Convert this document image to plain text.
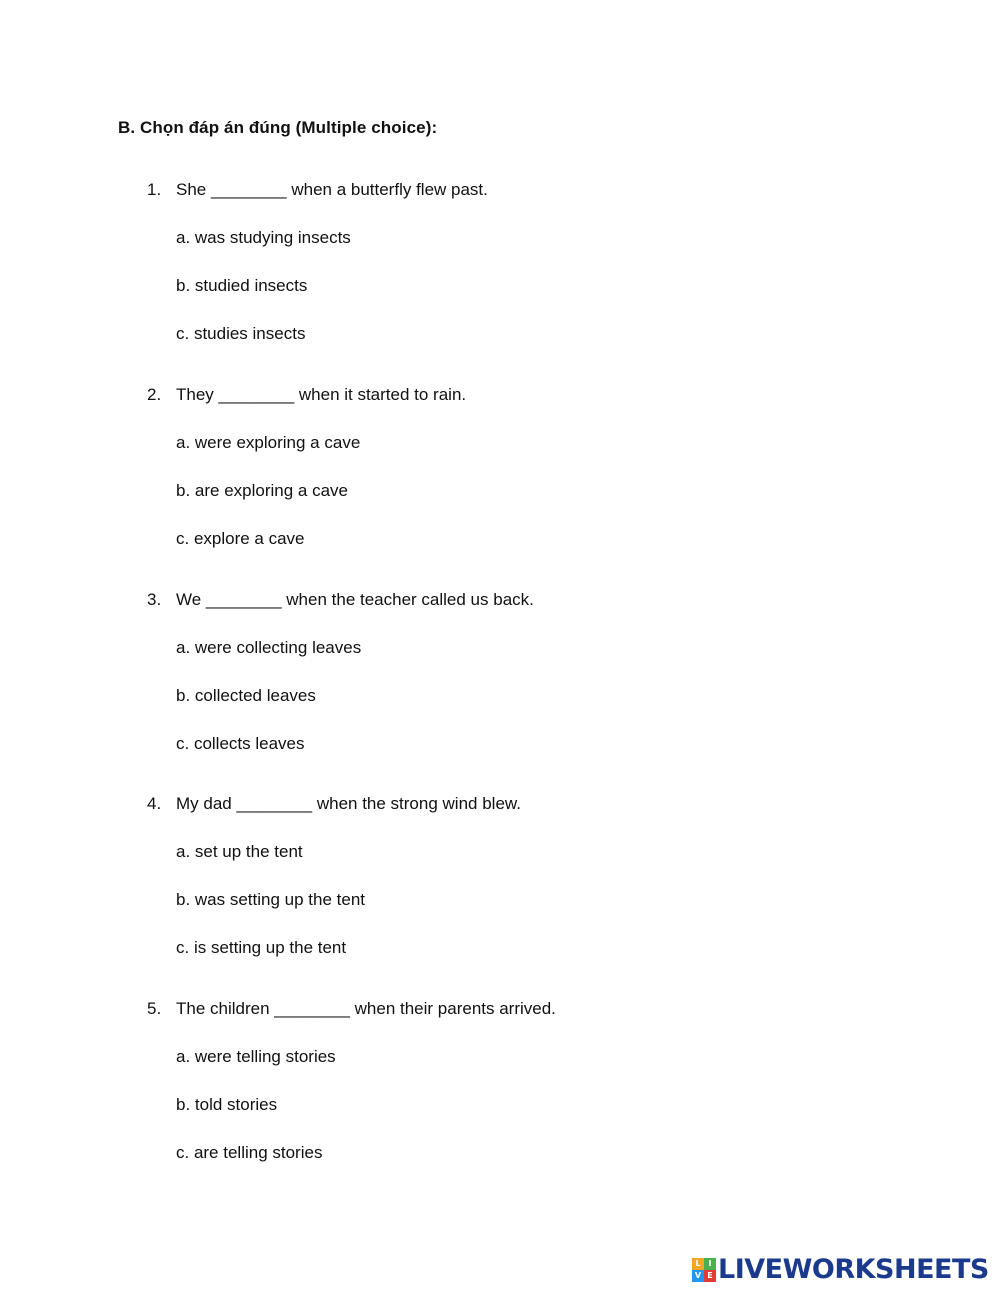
B. Chọn đáp án đúng (Multiple choice):
1. She ________ when a butterfly flew past.
a. was studying insects
b. studied insects
c. studies insects
2. They ________ when it started to rain.
a. were exploring a cave
b. are exploring a cave
c. explore a cave
3. We ________ when the teacher called us back.
a. were collecting leaves
b. collected leaves
c. collects leaves
4. My dad ________ when the strong wind blew.
a. set up the tent
b. was setting up the tent
c. is setting up the tent
5. The children ________ when their parents arrived.
a. were telling stories
b. told stories
c. are telling stories
L I
V E LIVEWORKSHEETS
